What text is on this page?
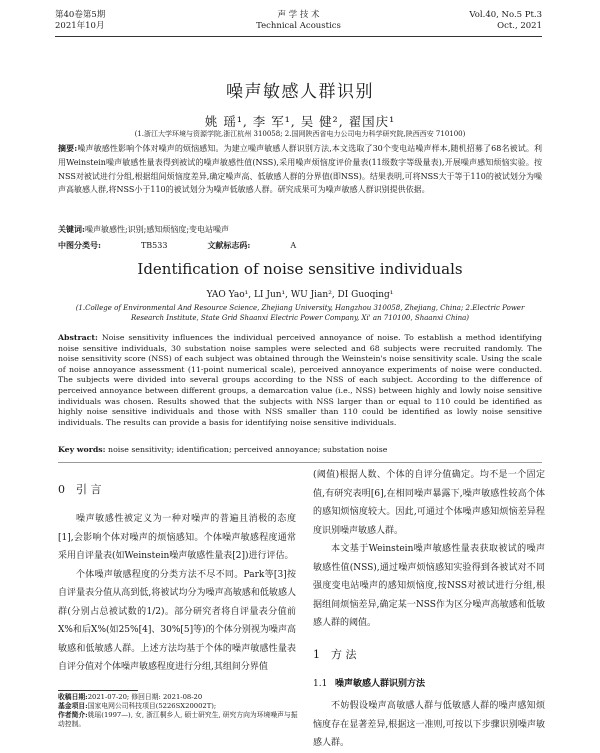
第40卷第5期
2021年10月
声 学 技 术
Technical Acoustics
Vol.40, No.5 Pt.3
Oct., 2021
噪声敏感人群识别
姚 瑶¹, 李 军¹, 吴 健², 翟国庆¹
(1.浙江大学环境与资源学院,浙江杭州 310058; 2.国网陕西省电力公司电力科学研究院,陕西西安 710100)
摘要:噪声敏感性影响个体对噪声的烦恼感知。为建立噪声敏感人群识别方法,本文选取了30个变电站噪声样本,随机招募了68名被试。利用Weinstein噪声敏感性量表得到被试的噪声敏感性值(NSS),采用噪声烦恼度评价量表(11级数字等级量表),开展噪声感知烦恼实验。按NSS对被试进行分组,根据组间烦恼度差异,确定噪声高、低敏感人群的分界值(即NSS)。结果表明,可将NSS大于等于110的被试划分为噪声高敏感人群,将NSS小于110的被试划分为噪声低敏感人群。研究成果可为噪声敏感人群识别提供依据。
关键词:噪声敏感性;识别;感知烦恼度;变电站噪声
中图分类号:	TB533	文献标志码:	A
Identification of noise sensitive individuals
YAO Yao¹, LI Jun¹, WU Jian², DI Guoqing¹
(1.College of Environmental And Resource Science, Zhejiang University, Hangzhou 310058, Zhejiang, China; 2.Electric Power Research Institute, State Grid Shaanxi Electric Power Company, Xi' an 710100, Shaanxi China)
Abstract: Noise sensitivity influences the individual perceived annoyance of noise. To establish a method identifying noise sensitive individuals, 30 substation noise samples were selected and 68 subjects were recruited randomly. The noise sensitivity score (NSS) of each subject was obtained through the Weinstein's noise sensitivity scale. Using the scale of noise annoyance assessment (11-point numerical scale), perceived annoyance experiments of noise were conducted. The subjects were divided into several groups according to the NSS of each subject. According to the difference of perceived annoyance between different groups, a demarcation value (i.e., NSS) between highly and lowly noise sensitive individuals was chosen. Results showed that the subjects with NSS larger than or equal to 110 could be identified as highly noise sensitive individuals and those with NSS smaller than 110 could be identified as lowly noise sensitive individuals. The results can provide a basis for identifying noise sensitive individuals.
Key words: noise sensitivity; identification; perceived annoyance; substation noise
0 引 言

噪声敏感性被定义为一种对噪声的普遍且消极的态度[1],会影响个体对噪声的烦恼感知。个体噪声敏感程度通常采用自评量表(如Weinstein噪声敏感性量表[2])进行评估。

个体噪声敏感程度的分类方法不尽不同。Park等[3]按自评量表分值从高到低,将被试均分为噪声高敏感和低敏感人群(分别占总被试数的1/2)。部分研究者将自评量表分值前X%和后X%(如25%[4]、30%[5]等)的个体分别视为噪声高敏感和低敏感人群。上述方法均基于个体的噪声敏感性量表自评分值对个体噪声敏感程度进行分组,其组间分界值

(阈值)根据人数、个体的自评分值确定。均不是一个固定值,有研究表明[6],在相同噪声暴露下,噪声敏感性较高个体的感知烦恼度较大。因此,可通过个体噪声感知烦恼差异程度识别噪声敏感人群。

本文基于Weinstein噪声敏感性量表获取被试的噪声敏感性值(NSS),通过噪声烦恼感知实验得到各被试对不同强度变电站噪声的感知烦恼度,按NSS对被试进行分组,根据组间烦恼差异,确定某一NSS作为区分噪声高敏感和低敏感人群的阈值。

1 方 法
1.1 噪声敏感人群识别方法

不妨假设噪声高敏感人群与低敏感人群的噪声感知烦恼度存在显著差异,根据这一准则,可按以下步骤识别噪声敏感人群。

收稿日期:2021-07-20; 修回日期: 2021-08-20
基金项目:国家电网公司科技项目(5226SX20002T);
作者简介:姚瑶(1997—), 女, 浙江桐乡人, 硕士研究生, 研究方向为环境噪声与振动控制。
